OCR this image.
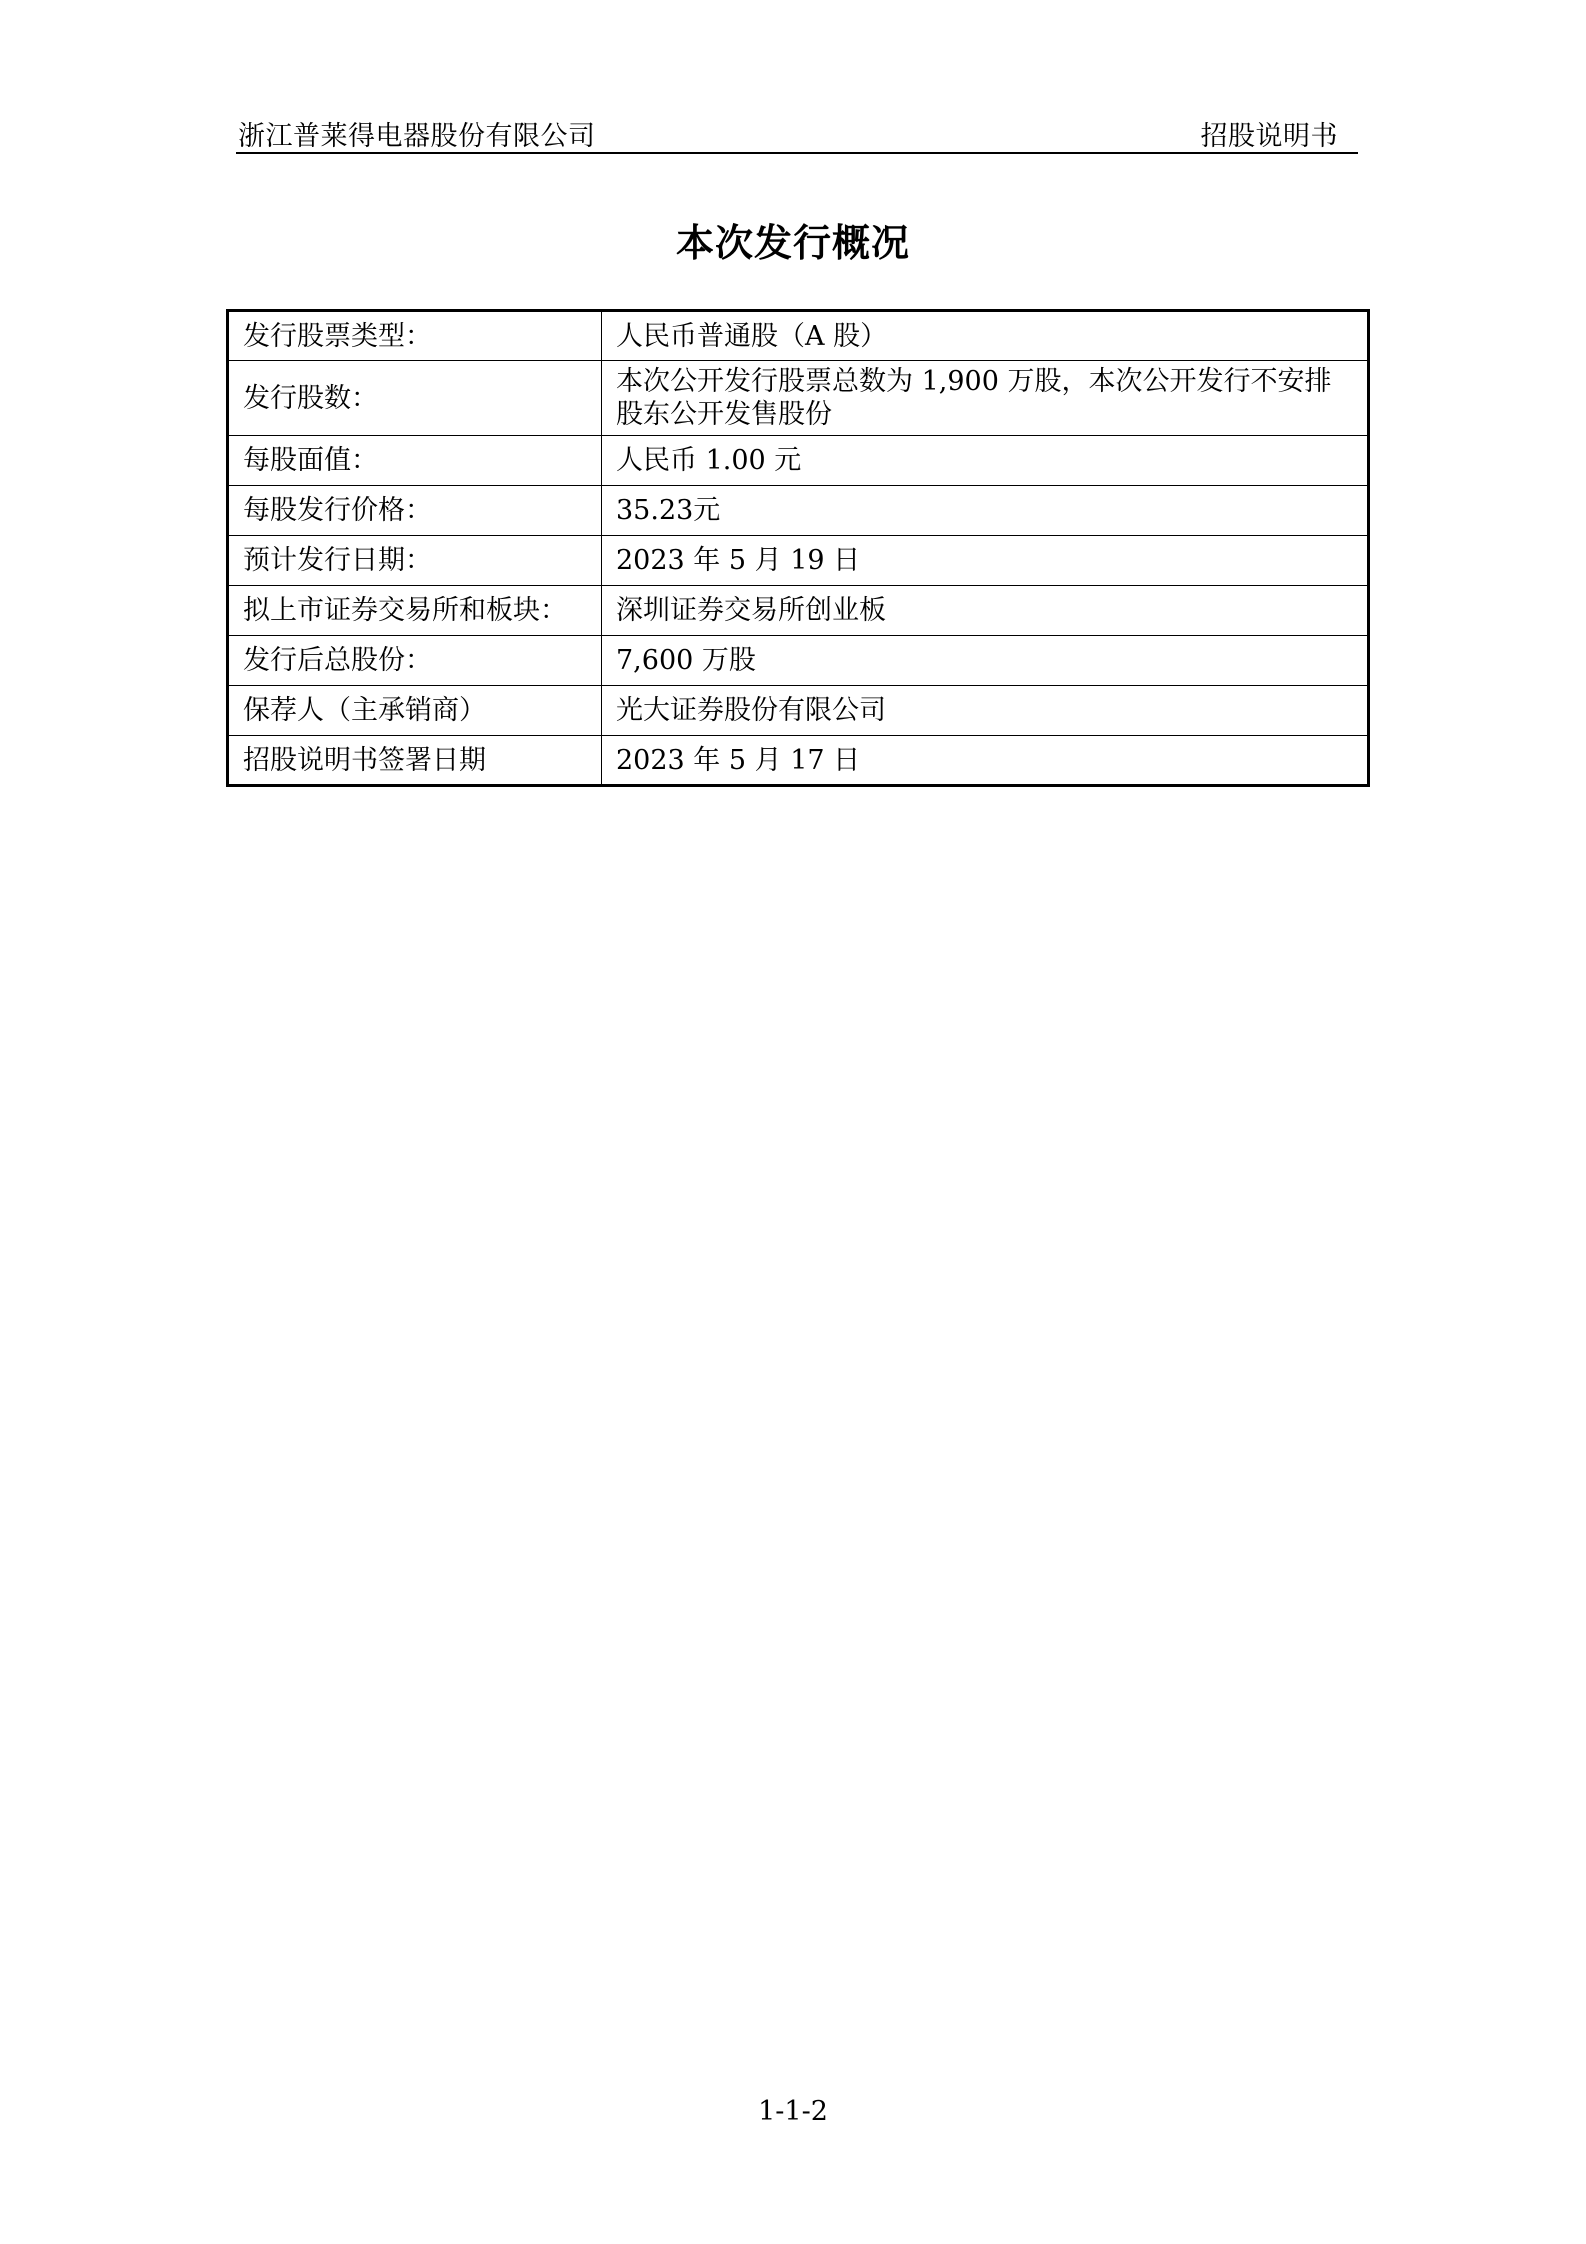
浙江普莱得电器股份有限公司	招股说明书
本次发行概况
发行股票类型：	人民币普通股（A 股）
发行股数：	本次公开发行股票总数为 1,900 万股，本次公开发行不安排股东公开发售股份
每股面值：	人民币 1.00 元
每股发行价格：	35.23元
预计发行日期：	2023 年 5 月 19 日
拟上市证券交易所和板块：	深圳证券交易所创业板
发行后总股份：	7,600 万股
保荐人（主承销商）	光大证券股份有限公司
招股说明书签署日期	2023 年 5 月 17 日
1-1-2
